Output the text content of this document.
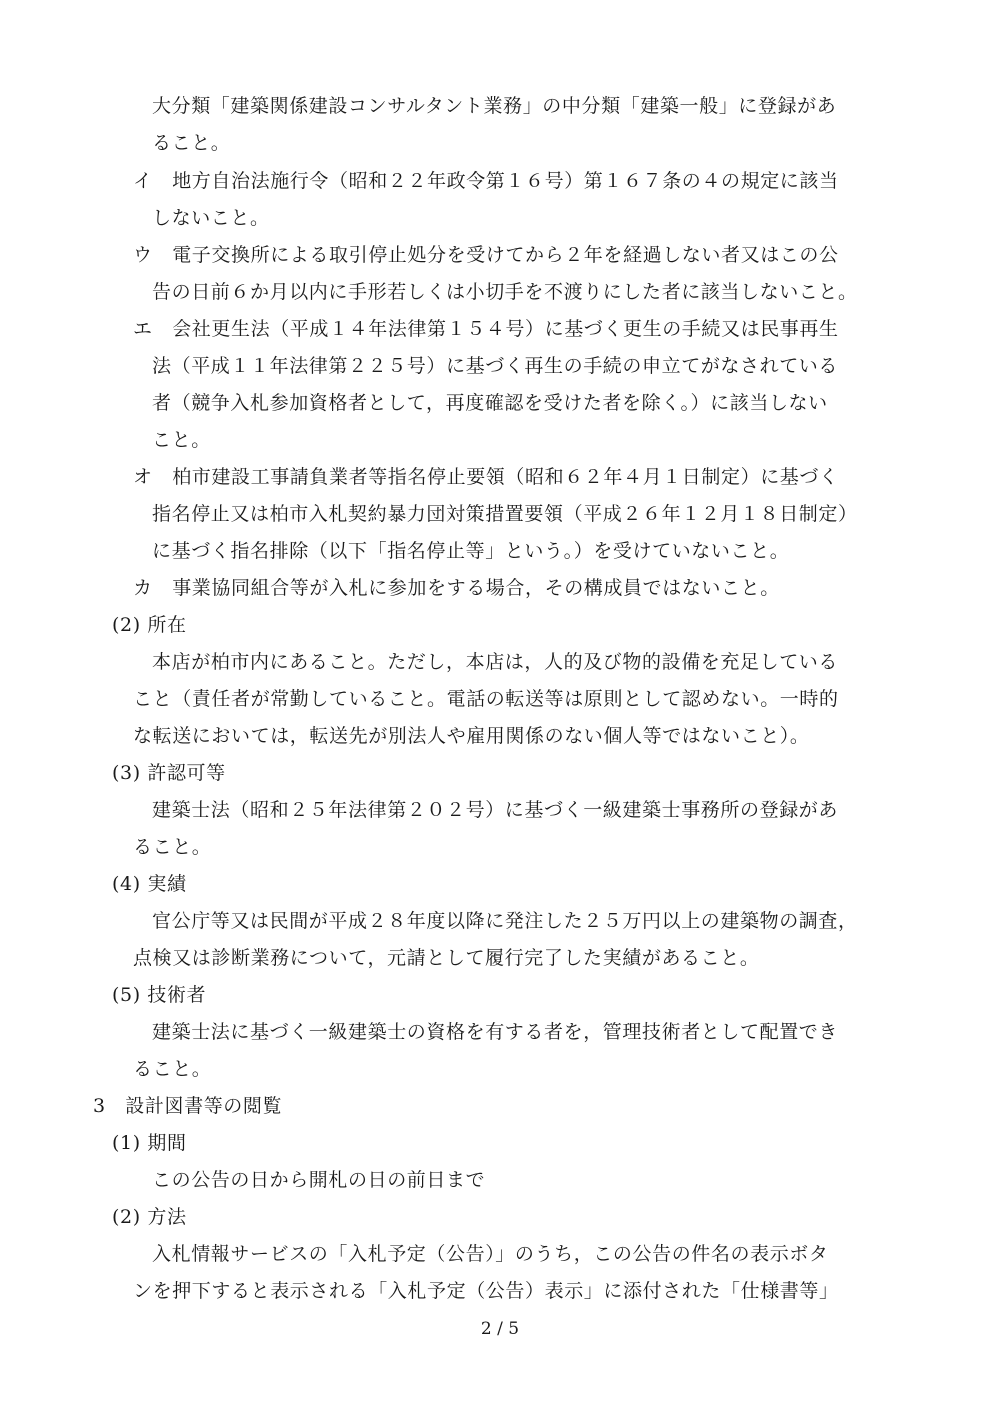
大分類「建築関係建設コンサルタント業務」の中分類「建築一般」に登録があ
ること。
イ　地方自治法施行令（昭和２２年政令第１６号）第１６７条の４の規定に該当
しないこと。
ウ　電子交換所による取引停止処分を受けてから２年を経過しない者又はこの公
告の日前６か月以内に手形若しくは小切手を不渡りにした者に該当しないこと。
エ　会社更生法（平成１４年法律第１５４号）に基づく更生の手続又は民事再生
法（平成１１年法律第２２５号）に基づく再生の手続の申立てがなされている
者（競争入札参加資格者として，再度確認を受けた者を除く。）に該当しない
こと。
オ　柏市建設工事請負業者等指名停止要領（昭和６２年４月１日制定）に基づく
指名停止又は柏市入札契約暴力団対策措置要領（平成２６年１２月１８日制定）
に基づく指名排除（以下「指名停止等」という。）を受けていないこと。
カ　事業協同組合等が入札に参加をする場合，その構成員ではないこと。
(2) 所在
本店が柏市内にあること。ただし，本店は，人的及び物的設備を充足している
こと（責任者が常勤していること。電話の転送等は原則として認めない。一時的
な転送においては，転送先が別法人や雇用関係のない個人等ではないこと）。
(3) 許認可等
建築士法（昭和２５年法律第２０２号）に基づく一級建築士事務所の登録があ
ること。
(4) 実績
官公庁等又は民間が平成２８年度以降に発注した２５万円以上の建築物の調査，
点検又は診断業務について，元請として履行完了した実績があること。
(5) 技術者
建築士法に基づく一級建築士の資格を有する者を，管理技術者として配置でき
ること。
3　設計図書等の閲覧
(1) 期間
この公告の日から開札の日の前日まで
(2) 方法
入札情報サービスの「入札予定（公告）」のうち，この公告の件名の表示ボタ
ンを押下すると表示される「入札予定（公告）表示」に添付された「仕様書等」
2 / 5
